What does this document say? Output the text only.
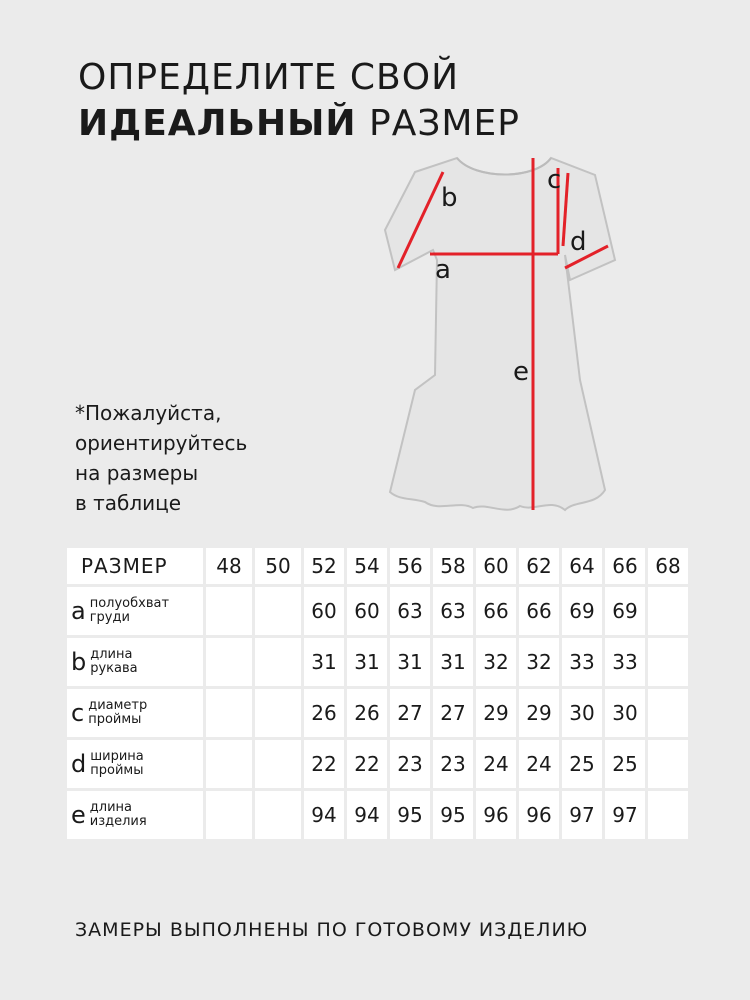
ОПРЕДЕЛИТЕ СВОЙ
ИДЕАЛЬНЫЙ РАЗМЕР
*Пожалуйста,
ориентируйтесь
на размеры
в таблице
a
b
c
d
e
РАЗМЕР	48	50	52	54	56	58	60	62	64	66	68
a полуобхват
груди			60	60	63	63	66	66	69	69	
b длина
рукава			31	31	31	31	32	32	33	33	
c диаметр
проймы			26	26	27	27	29	29	30	30	
d ширина
проймы			22	22	23	23	24	24	25	25	
e длина
изделия			94	94	95	95	96	96	97	97	
ЗАМЕРЫ ВЫПОЛНЕНЫ ПО ГОТОВОМУ ИЗДЕЛИЮ
